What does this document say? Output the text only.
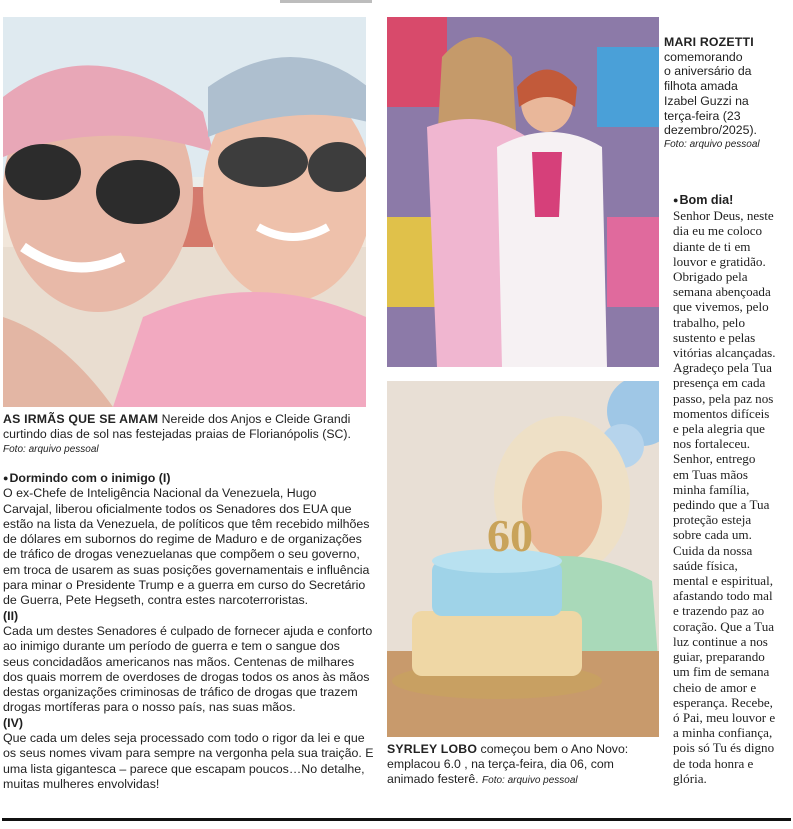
60
AS IRMÃS QUE SE AMAM Nereide dos Anjos e Cleide Grandi
curtindo dias de sol nas festejadas praias de Florianópolis (SC).
Foto: arquivo pessoal
MARI ROZETTI
comemorando
o aniversário da
filhota amada
Izabel Guzzi na
terça-feira (23
dezembro/2025).
Foto: arquivo pessoal
SYRLEY LOBO começou bem o Ano Novo:
emplacou 6.0 , na terça-feira, dia 06, com
animado festerê. Foto: arquivo pessoal
● Dormindo com o inimigo (I)
O ex-Chefe de Inteligência Nacional da Venezuela, Hugo
Carvajal, liberou oficialmente todos os Senadores dos EUA que
estão na lista da Venezuela, de políticos que têm recebido milhões
de dólares em subornos do regime de Maduro e de organizações
de tráfico de drogas venezuelanas que compõem o seu governo,
em troca de usarem as suas posições governamentais e influência
para minar o Presidente Trump e a guerra em curso do Secretário
de Guerra, Pete Hegseth, contra estes narcoterroristas.
(II)
Cada um destes Senadores é culpado de fornecer ajuda e conforto
ao inimigo durante um período de guerra e tem o sangue dos
seus concidadãos americanos nas mãos. Centenas de milhares
dos quais morrem de overdoses de drogas todos os anos às mãos
destas organizações criminosas de tráfico de drogas que trazem
drogas mortíferas para o nosso país, nas suas mãos.
(IV)
Que cada um deles seja processado com todo o rigor da lei e que
os seus nomes vivam para sempre na vergonha pela sua traição. E
uma lista gigantesca – parece que escapam poucos…No detalhe,
muitas mulheres envolvidas!
● Bom dia!
Senhor Deus, neste
dia eu me coloco
diante de ti em
louvor e gratidão.
Obrigado pela
semana abençoada
que vivemos, pelo
trabalho, pelo
sustento e pelas
vitórias alcançadas.
Agradeço pela Tua
presença em cada
passo, pela paz nos
momentos difíceis
e pela alegria que
nos fortaleceu.
Senhor, entrego
em Tuas mãos
minha família,
pedindo que a Tua
proteção esteja
sobre cada um.
Cuida da nossa
saúde física,
mental e espiritual,
afastando todo mal
e trazendo paz ao
coração. Que a Tua
luz continue a nos
guiar, preparando
um fim de semana
cheio de amor e
esperança. Recebe,
ó Pai, meu louvor e
a minha confiança,
pois só Tu és digno
de toda honra e
glória.
